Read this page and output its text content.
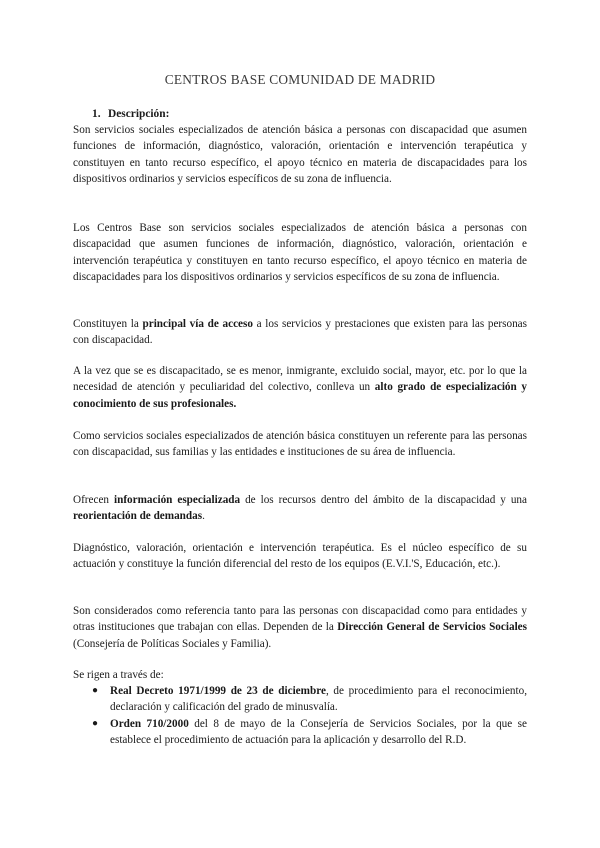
CENTROS BASE COMUNIDAD DE MADRID
1. Descripción:

Son servicios sociales especializados de atención básica a personas con discapacidad que asumen funciones de información, diagnóstico, valoración, orientación e intervención terapéutica y constituyen en tanto recurso específico, el apoyo técnico en materia de discapacidades para los dispositivos ordinarios y servicios específicos de su zona de influencia.

Los Centros Base son servicios sociales especializados de atención básica a personas con discapacidad que asumen funciones de información, diagnóstico, valoración, orientación e intervención terapéutica y constituyen en tanto recurso específico, el apoyo técnico en materia de discapacidades para los dispositivos ordinarios y servicios específicos de su zona de influencia.

Constituyen la principal vía de acceso a los servicios y prestaciones que existen para las personas con discapacidad.

A la vez que se es discapacitado, se es menor, inmigrante, excluido social, mayor, etc. por lo que la necesidad de atención y peculiaridad del colectivo, conlleva un alto grado de especialización y conocimiento de sus profesionales.

Como servicios sociales especializados de atención básica constituyen un referente para las personas con discapacidad, sus familias y las entidades e instituciones de su área de influencia.

Ofrecen información especializada de los recursos dentro del ámbito de la discapacidad y una reorientación de demandas.

Diagnóstico, valoración, orientación e intervención terapéutica. Es el núcleo específico de su actuación y constituye la función diferencial del resto de los equipos (E.V.I.'S, Educación, etc.).

Son considerados como referencia tanto para las personas con discapacidad como para entidades y otras instituciones que trabajan con ellas. Dependen de la Dirección General de Servicios Sociales (Consejería de Políticas Sociales y Familia).

Se rigen a través de:

● Real Decreto 1971/1999 de 23 de diciembre, de procedimiento para el reconocimiento, declaración y calificación del grado de minusvalía.
● Orden 710/2000 del 8 de mayo de la Consejería de Servicios Sociales, por la que se establece el procedimiento de actuación para la aplicación y desarrollo del R.D.
